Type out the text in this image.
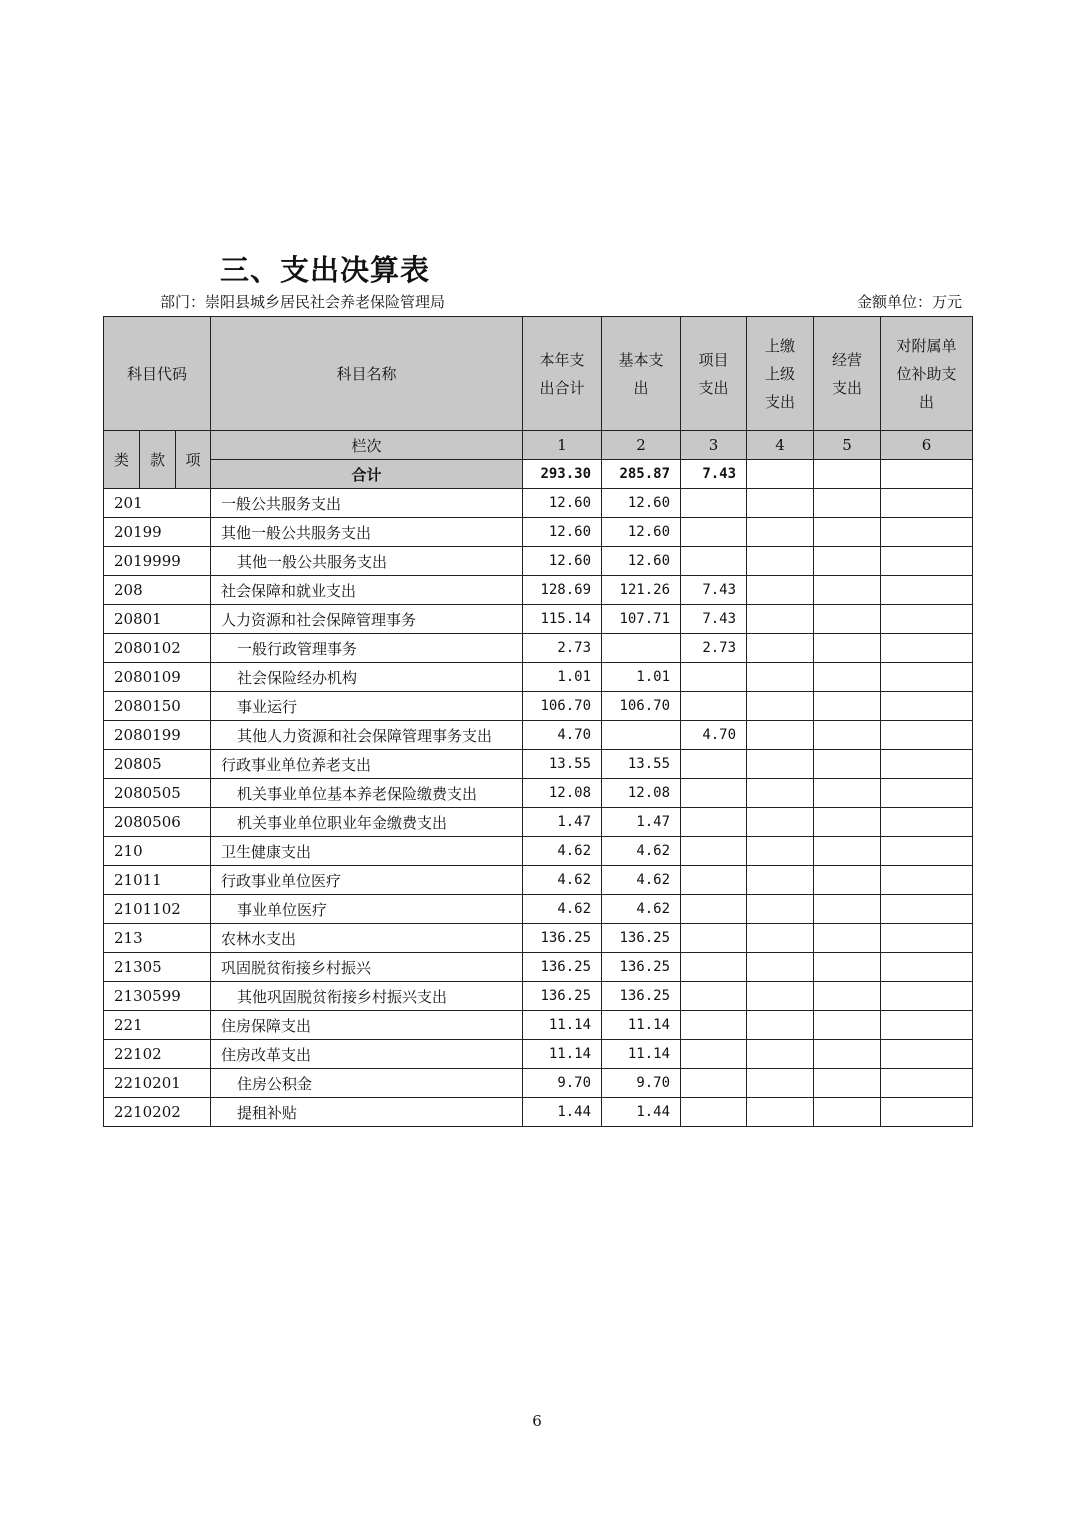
三、支出决算表
部门：崇阳县城乡居民社会养老保险管理局	金额单位：万元
科目代码			科目名称	本年支出合计	基本支出	项目支出	上缴上级支出	经营支出	对附属单位补助支出
类	款	项	栏次	1	2	3	4	5	6
			合计	293.30	285.87	7.43			
201			一般公共服务支出	12.60	12.60				
20199			其他一般公共服务支出	12.60	12.60				
2019999			其他一般公共服务支出	12.60	12.60				
208			社会保障和就业支出	128.69	121.26	7.43			
20801			人力资源和社会保障管理事务	115.14	107.71	7.43			
2080102			一般行政管理事务	2.73		2.73			
2080109			社会保险经办机构	1.01	1.01				
2080150			事业运行	106.70	106.70				
2080199			其他人力资源和社会保障管理事务支出	4.70		4.70			
20805			行政事业单位养老支出	13.55	13.55				
2080505			机关事业单位基本养老保险缴费支出	12.08	12.08				
2080506			机关事业单位职业年金缴费支出	1.47	1.47				
210			卫生健康支出	4.62	4.62				
21011			行政事业单位医疗	4.62	4.62				
2101102			事业单位医疗	4.62	4.62				
213			农林水支出	136.25	136.25				
21305			巩固脱贫衔接乡村振兴	136.25	136.25				
2130599			其他巩固脱贫衔接乡村振兴支出	136.25	136.25				
221			住房保障支出	11.14	11.14				
22102			住房改革支出	11.14	11.14				
2210201			住房公积金	9.70	9.70				
2210202			提租补贴	1.44	1.44				
6
